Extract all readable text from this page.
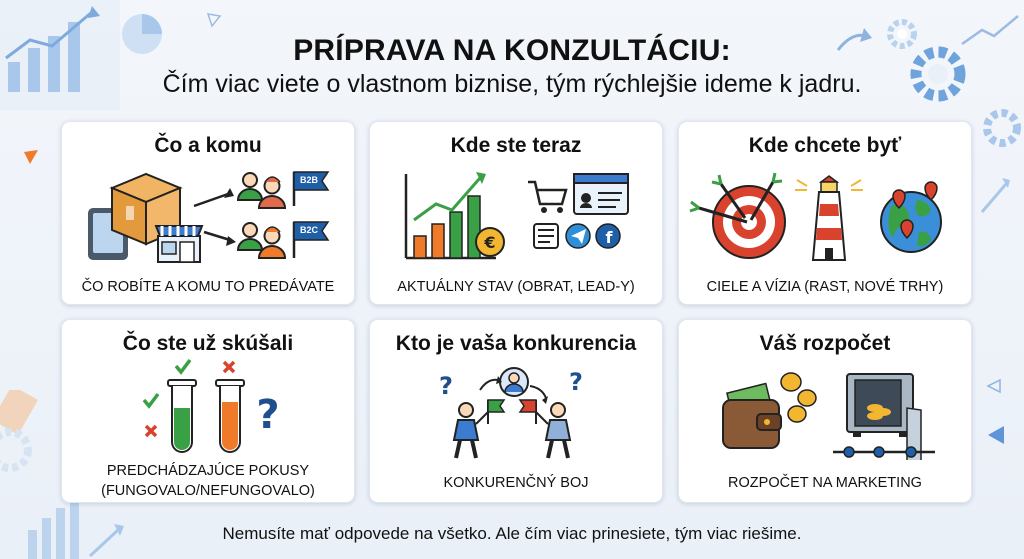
PRÍPRAVA NA KONZULTÁCIU:
Čím viac viete o vlastnom biznise, tým rýchlejšie ideme k jadru.
Čo a komu
B2B
B2C
ČO ROBÍTE A KOMU TO PREDÁVATE
Kde ste teraz
€	f
AKTUÁLNY STAV (OBRAT, LEAD-Y)
Kde chcete byť
CIELE A VÍZIA (RAST, NOVÉ TRHY)
Čo ste už skúšali
?
PREDCHÁDZAJÚCE POKUSY
(FUNGOVALO/NEFUNGOVALO)
Kto je vaša konkurencia
?	?
KONKURENČNÝ BOJ
Váš rozpočet
ROZPOČET NA MARKETING
Nemusíte mať odpovede na všetko. Ale čím viac prinesiete, tým viac riešime.
